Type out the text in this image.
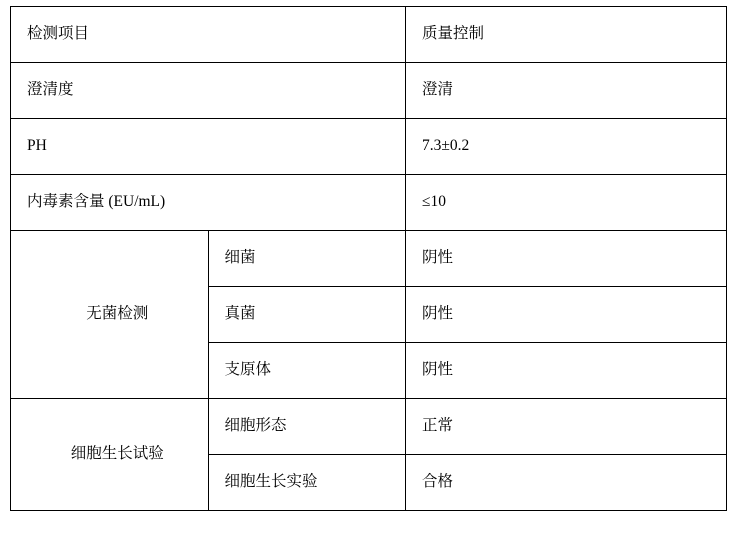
检测项目		质量控制

澄清度		澄清

PH		7.3±0.2

内毒素含量 (EU/mL)		≤10

无菌检测	细菌	阴性

	真菌	阴性

	支原体	阴性

细胞生长试验	细胞形态	正常

	细胞生长实验	合格
